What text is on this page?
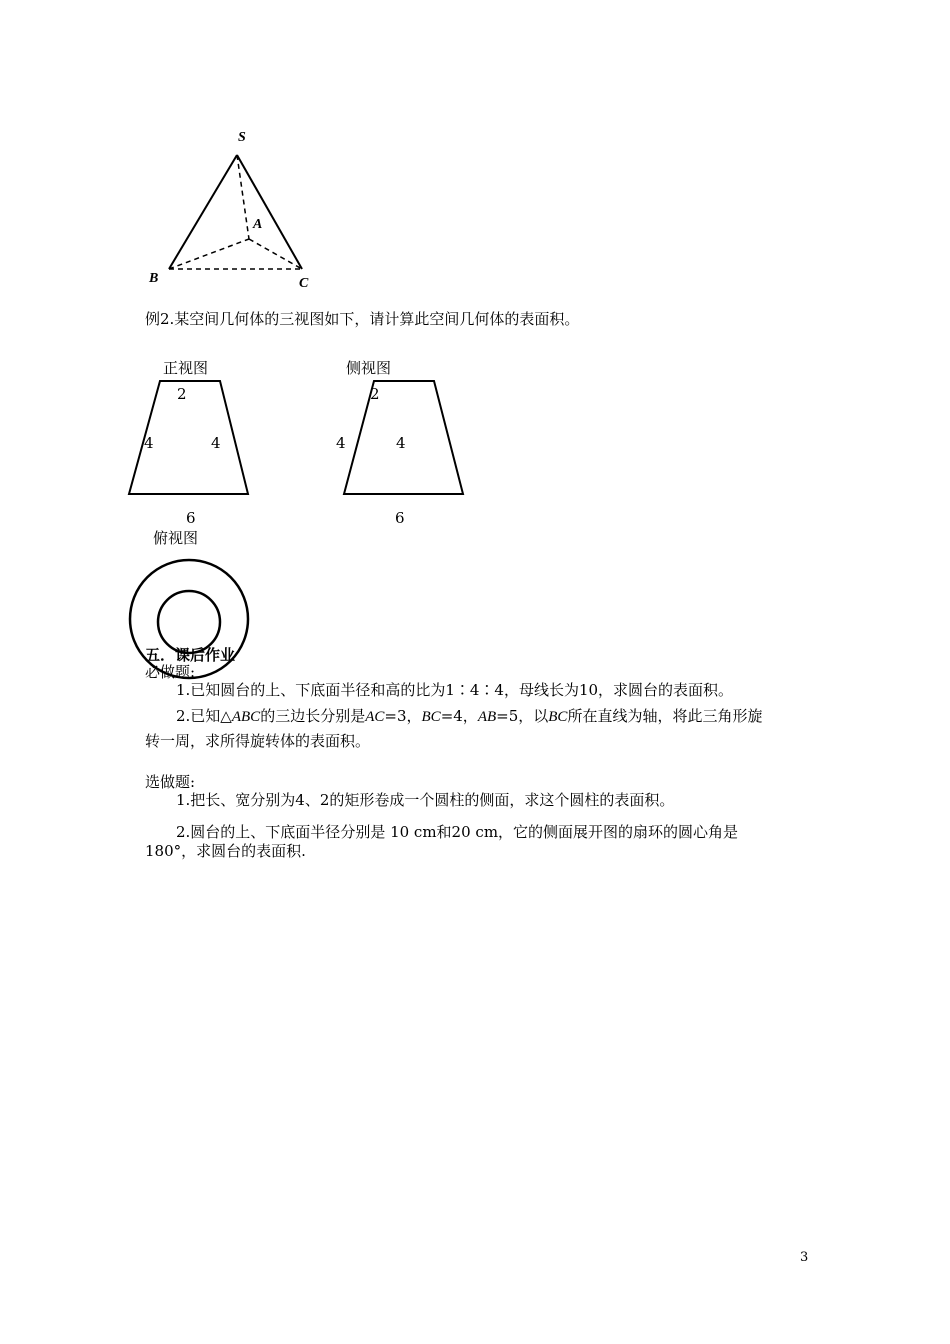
S
A
B	C
例2.某空间几何体的三视图如下，请计算此空间几何体的表面积。
正视图
2
4	4
6
侧视图
2
4	4
6
俯视图
五．课后作业
必做题:
1.已知圆台的上、下底面半径和高的比为1∶4∶4，母线长为10，求圆台的表面积。
2.已知△ABC的三边长分别是AC=3，BC=4，AB=5，以BC所在直线为轴，将此三角形旋
转一周，求所得旋转体的表面积。
选做题:
1.把长、宽分别为4、2的矩形卷成一个圆柱的侧面，求这个圆柱的表面积。
2.圆台的上、下底面半径分别是 10 cm和20 cm，它的侧面展开图的扇环的圆心角是
180°，求圆台的表面积.
3
